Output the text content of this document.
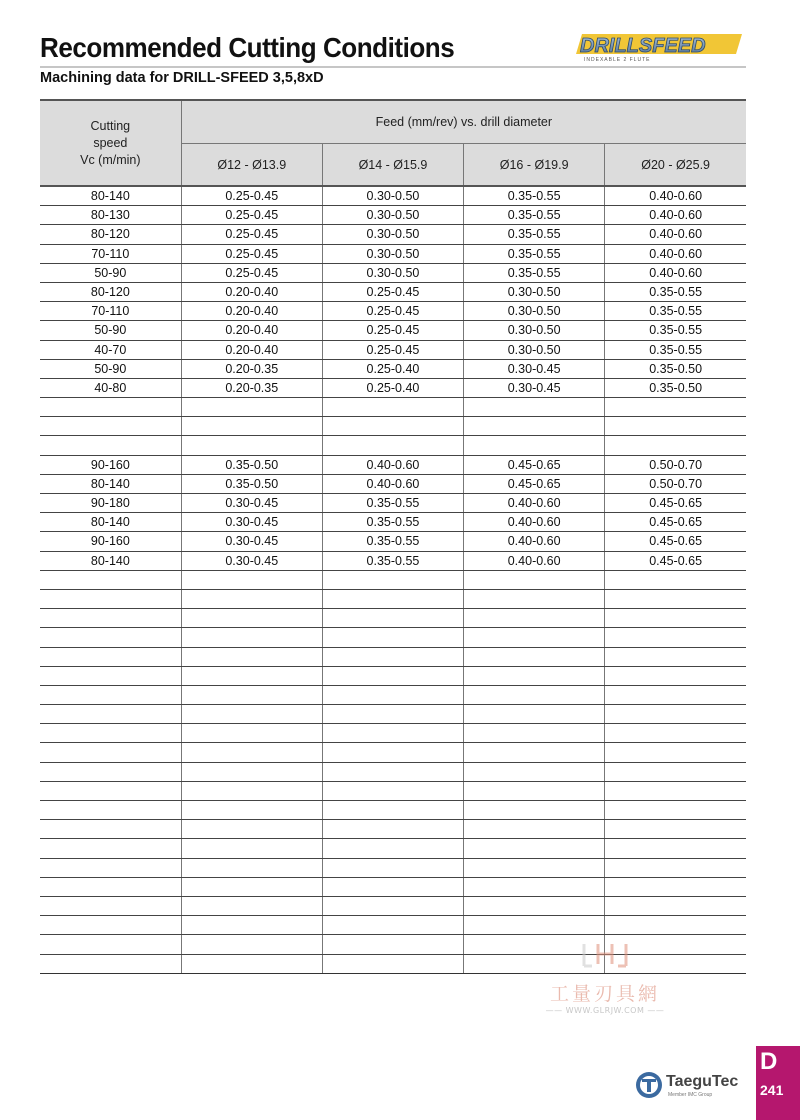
Recommended Cutting Conditions
Machining data for DRILL-SFEED 3,5,8xD
DRILLSFEED
INDEXABLE 2 FLUTE
Cutting
speed
Vc (m/min)	Feed (mm/rev) vs. drill diameter			
	Ø12 - Ø13.9	Ø14 - Ø15.9	Ø16 - Ø19.9	Ø20 - Ø25.9
80-140	0.25-0.45	0.30-0.50	0.35-0.55	0.40-0.60
80-130	0.25-0.45	0.30-0.50	0.35-0.55	0.40-0.60
80-120	0.25-0.45	0.30-0.50	0.35-0.55	0.40-0.60
70-110	0.25-0.45	0.30-0.50	0.35-0.55	0.40-0.60
50-90	0.25-0.45	0.30-0.50	0.35-0.55	0.40-0.60
80-120	0.20-0.40	0.25-0.45	0.30-0.50	0.35-0.55
70-110	0.20-0.40	0.25-0.45	0.30-0.50	0.35-0.55
50-90	0.20-0.40	0.25-0.45	0.30-0.50	0.35-0.55
40-70	0.20-0.40	0.25-0.45	0.30-0.50	0.35-0.55
50-90	0.20-0.35	0.25-0.40	0.30-0.45	0.35-0.50
40-80	0.20-0.35	0.25-0.40	0.30-0.45	0.35-0.50

90-160	0.35-0.50	0.40-0.60	0.45-0.65	0.50-0.70
80-140	0.35-0.50	0.40-0.60	0.45-0.65	0.50-0.70
90-180	0.30-0.45	0.35-0.55	0.40-0.60	0.45-0.65
80-140	0.30-0.45	0.35-0.55	0.40-0.60	0.45-0.65
90-160	0.30-0.45	0.35-0.55	0.40-0.60	0.45-0.65
80-140	0.30-0.45	0.35-0.55	0.40-0.60	0.45-0.65

工量刃具網
—— WWW.GLRJW.COM ——
TaeguTec
Member IMC Group
D
241
